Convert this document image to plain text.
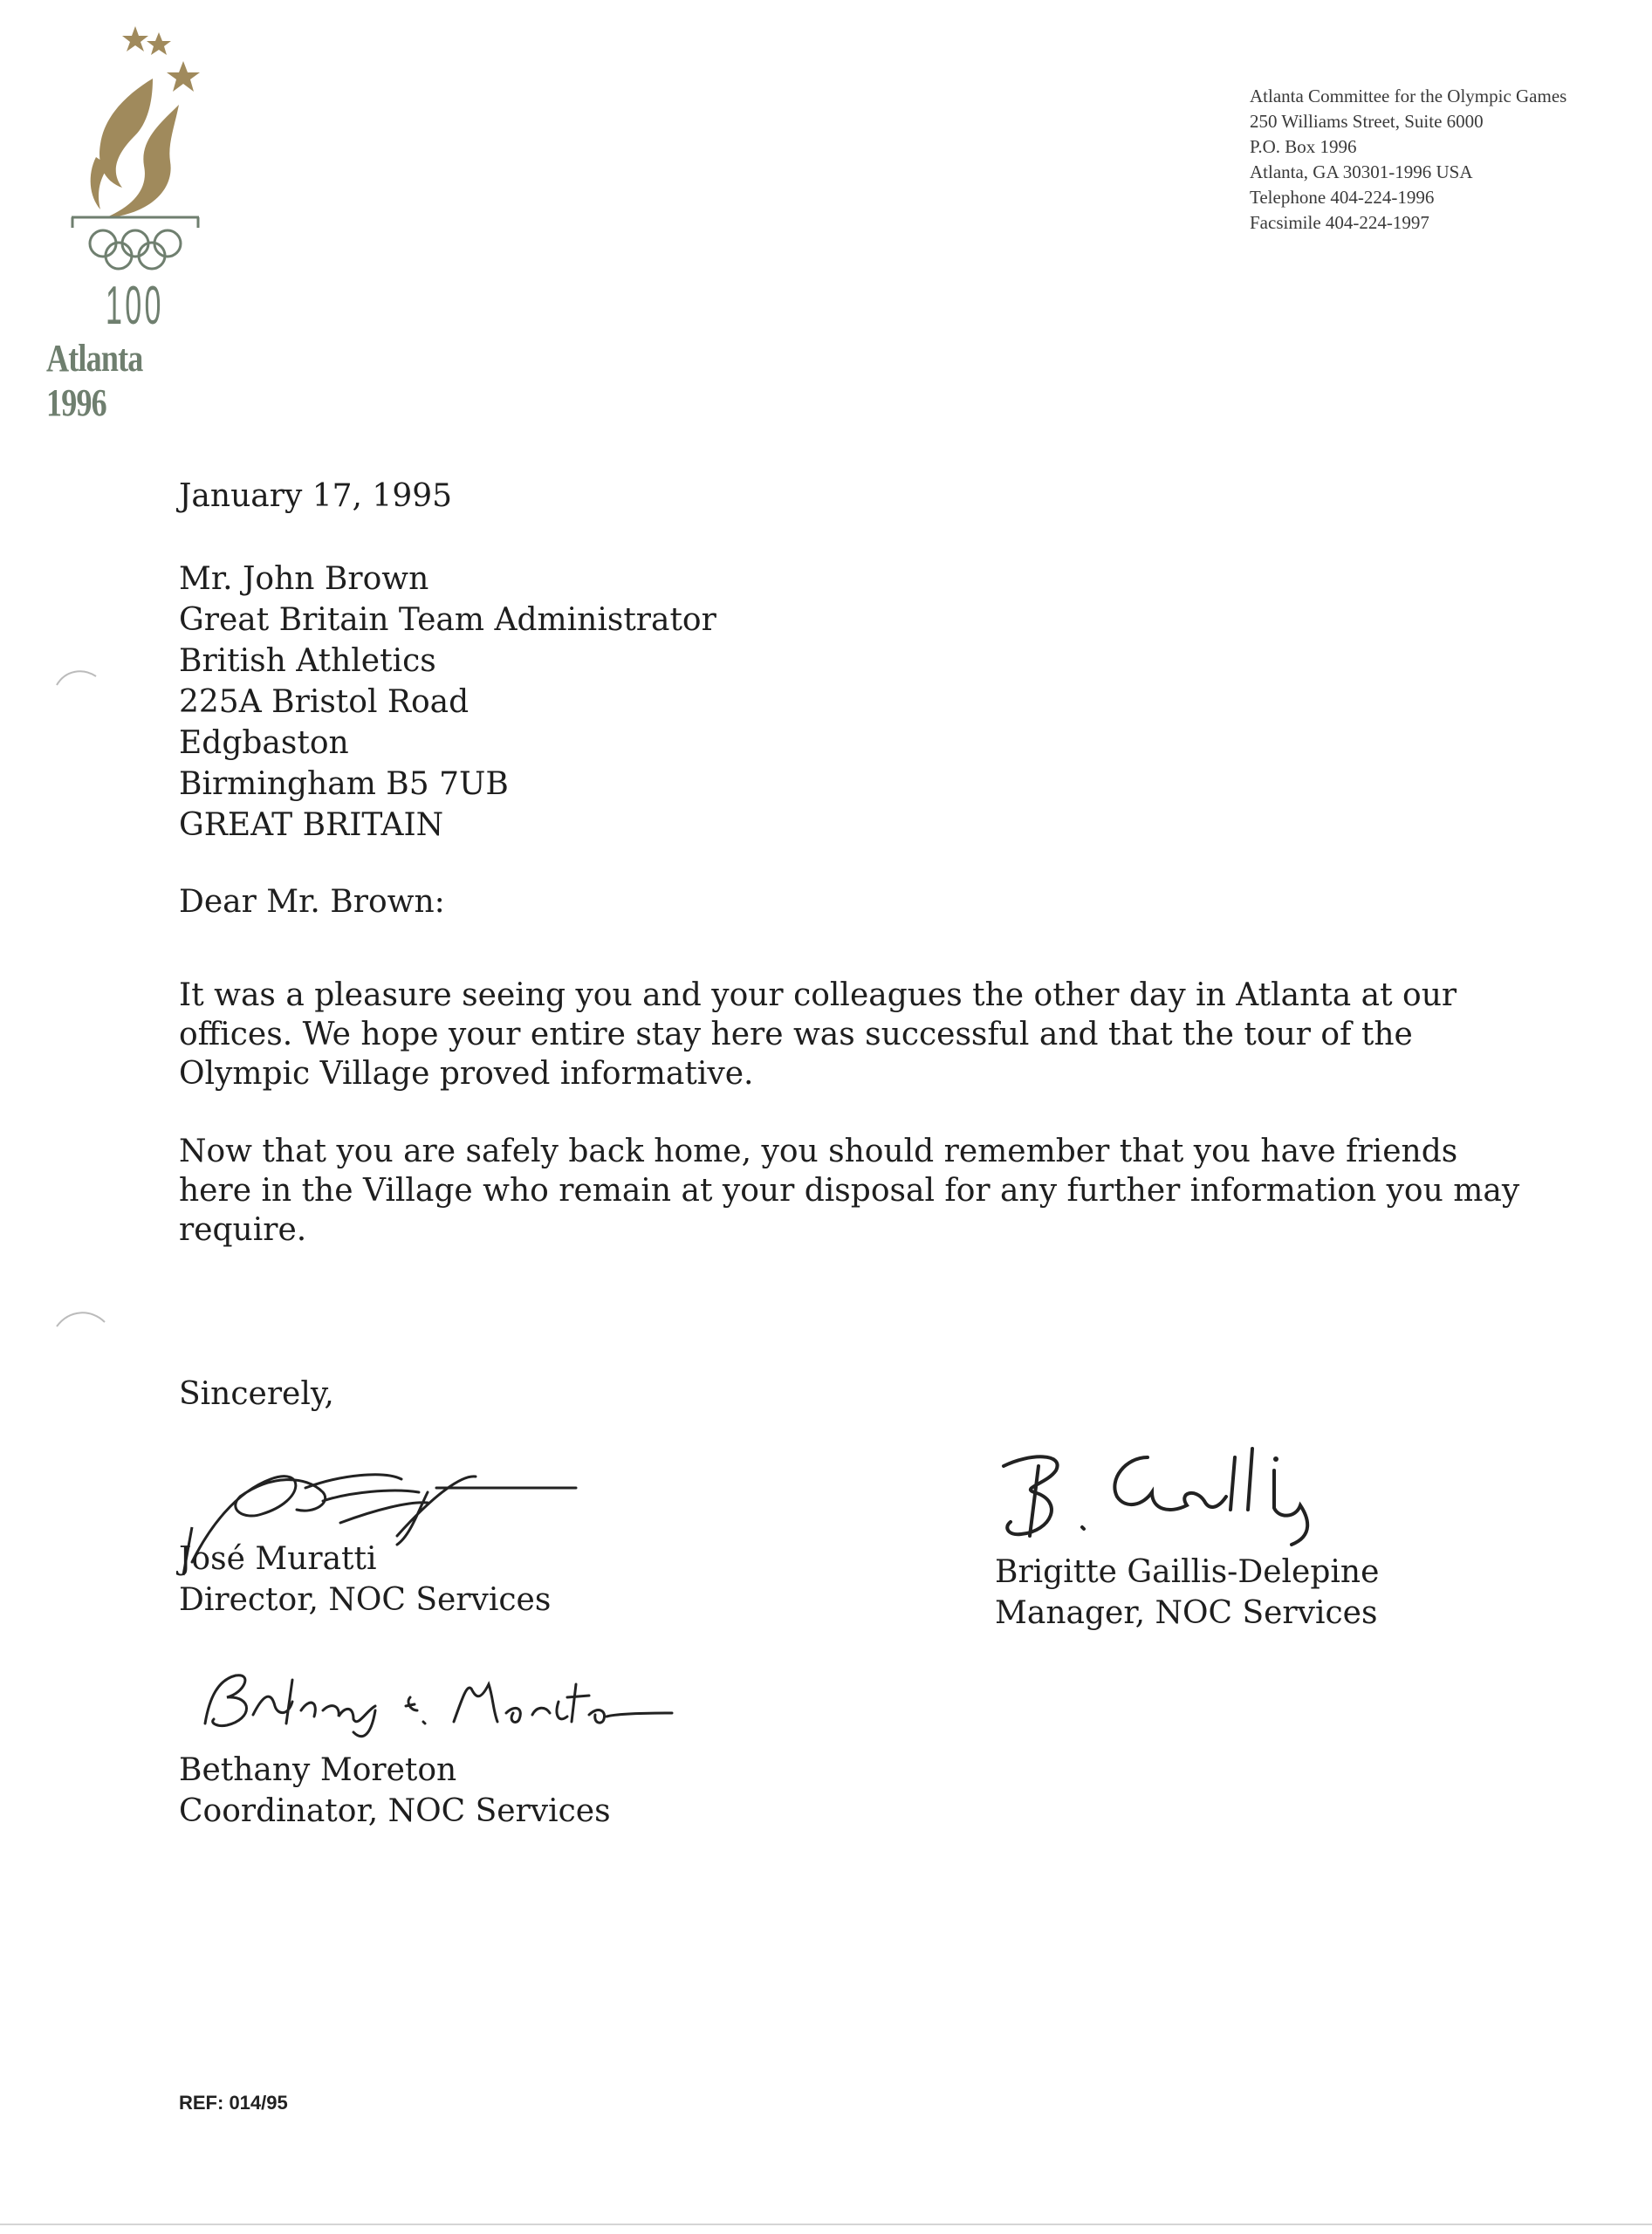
100
Atlanta 1996
Atlanta Committee for the Olympic Games
250 Williams Street, Suite 6000
P.O. Box 1996
Atlanta, GA 30301-1996 USA
Telephone 404-224-1996
Facsimile 404-224-1997
January 17, 1995
Mr. John Brown
Great Britain Team Administrator
British Athletics
225A Bristol Road
Edgbaston
Birmingham B5 7UB
GREAT BRITAIN
Dear Mr. Brown:
It was a pleasure seeing you and your colleagues the other day in Atlanta at our
offices. We hope your entire stay here was successful and that the tour of the
Olympic Village proved informative.
Now that you are safely back home, you should remember that you have friends
here in the Village who remain at your disposal for any further information you may
require.
Sincerely,
José Muratti
Director, NOC Services
Brigitte Gaillis-Delepine
Manager, NOC Services
Bethany Moreton
Coordinator, NOC Services
REF: 014/95
